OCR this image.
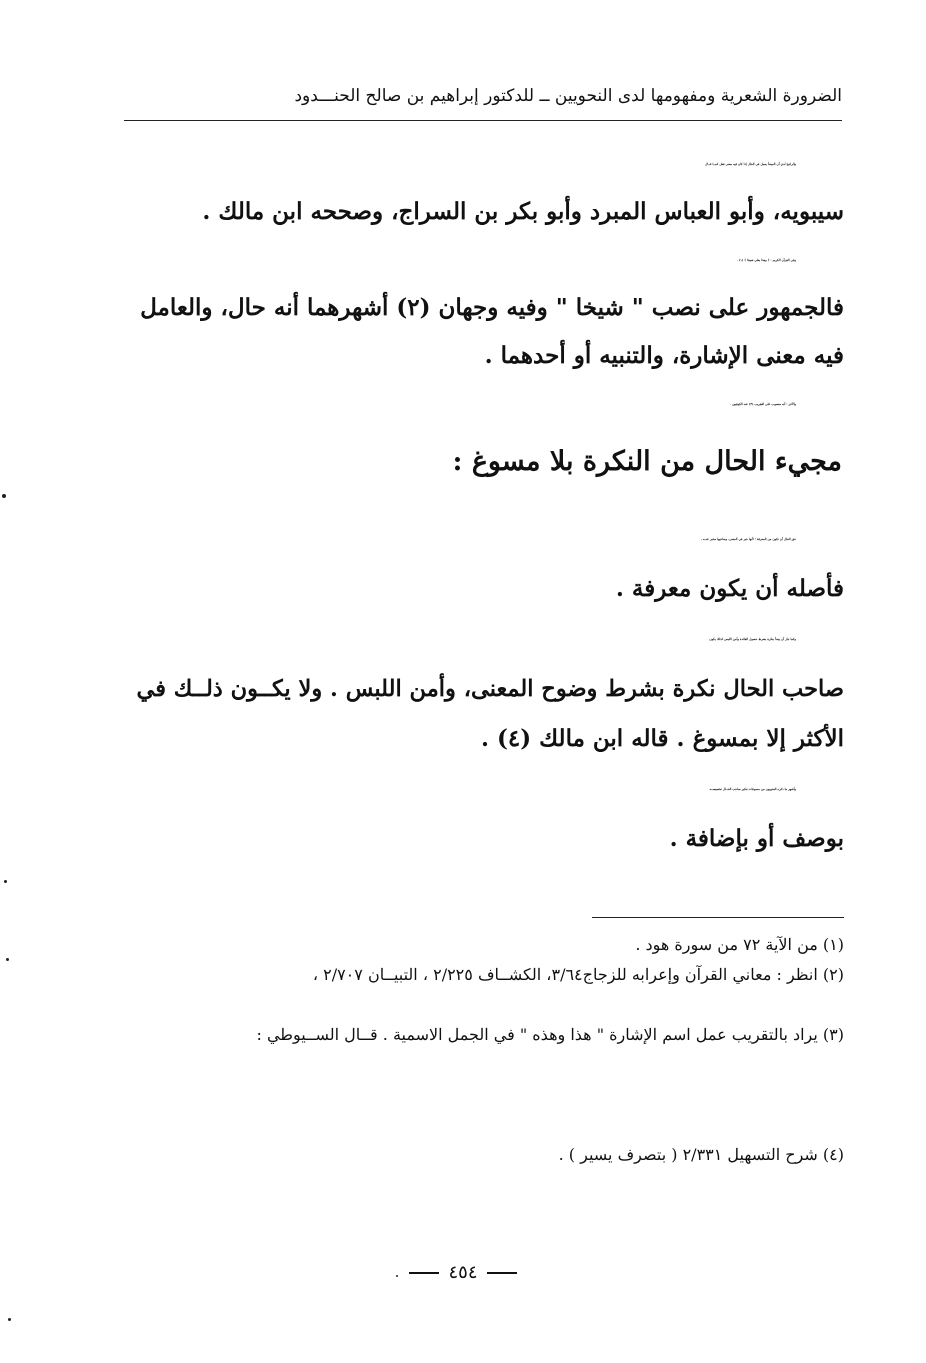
الضرورة الشعرية ومفهومها لدى النحويين ــ للدكتور إبراهيم بن صالح الحنـــدود
والراجح لدي أن المبتدأ يعمل في الحال إذا كان فيه معنى فعل كمــا قــال
سيبويه، وأبو العباس المبرد وأبو بكر بن السراج، وصححه ابن مالك .
وفي القرآن الكريم : ﴿ وهذا بعلي شيخا ﴾ (١) .
فالجمهور على نصب " شيخا " وفيه وجهان (٢) أشهرهما أنه حال، والعامل
فيه معنى الإشارة، والتنبيه أو أحدهما .
والآخر : أنه منصوب على التقريب (٣) عند الكوفيين .
مجيء الحال من النكرة بلا مسوغ :
حق الحال أن تكون من المعرفة ؛ لأنها خبر في المعنى، وصاحبها مخبر عنــه ،
فأصله أن يكون معرفة .
وكما جاز أن يبتدأ بنكرة بشرط حصول الفائدة وأمن اللبس كذلك يكون
صاحب الحال نكرة بشرط وضوح المعنى، وأمن اللبس . ولا يكــون ذلــك في
الأكثر إلا بمسوغ . قاله ابن مالك (٤) .
وأشهر ما ذكره النحويون من مسوغات تنكير صاحب الحــال تخصيصــه
بوصف أو بإضافة .
(١) من الآية ٧٢ من سورة هود .
(٢) انظر : معاني القرآن وإعرابه للزجاج٣/٦٤، الكشــاف ٢/٢٢٥ ، التبيــان ٢/٧٠٧ ،
(٣) يراد بالتقريب عمل اسم الإشارة " هذا وهذه " في الجمل الاسمية . قــال الســيوطي :
(٤) شرح التسهيل ٢/٣٣١ ( بتصرف يسير ) .
٤٥٤
